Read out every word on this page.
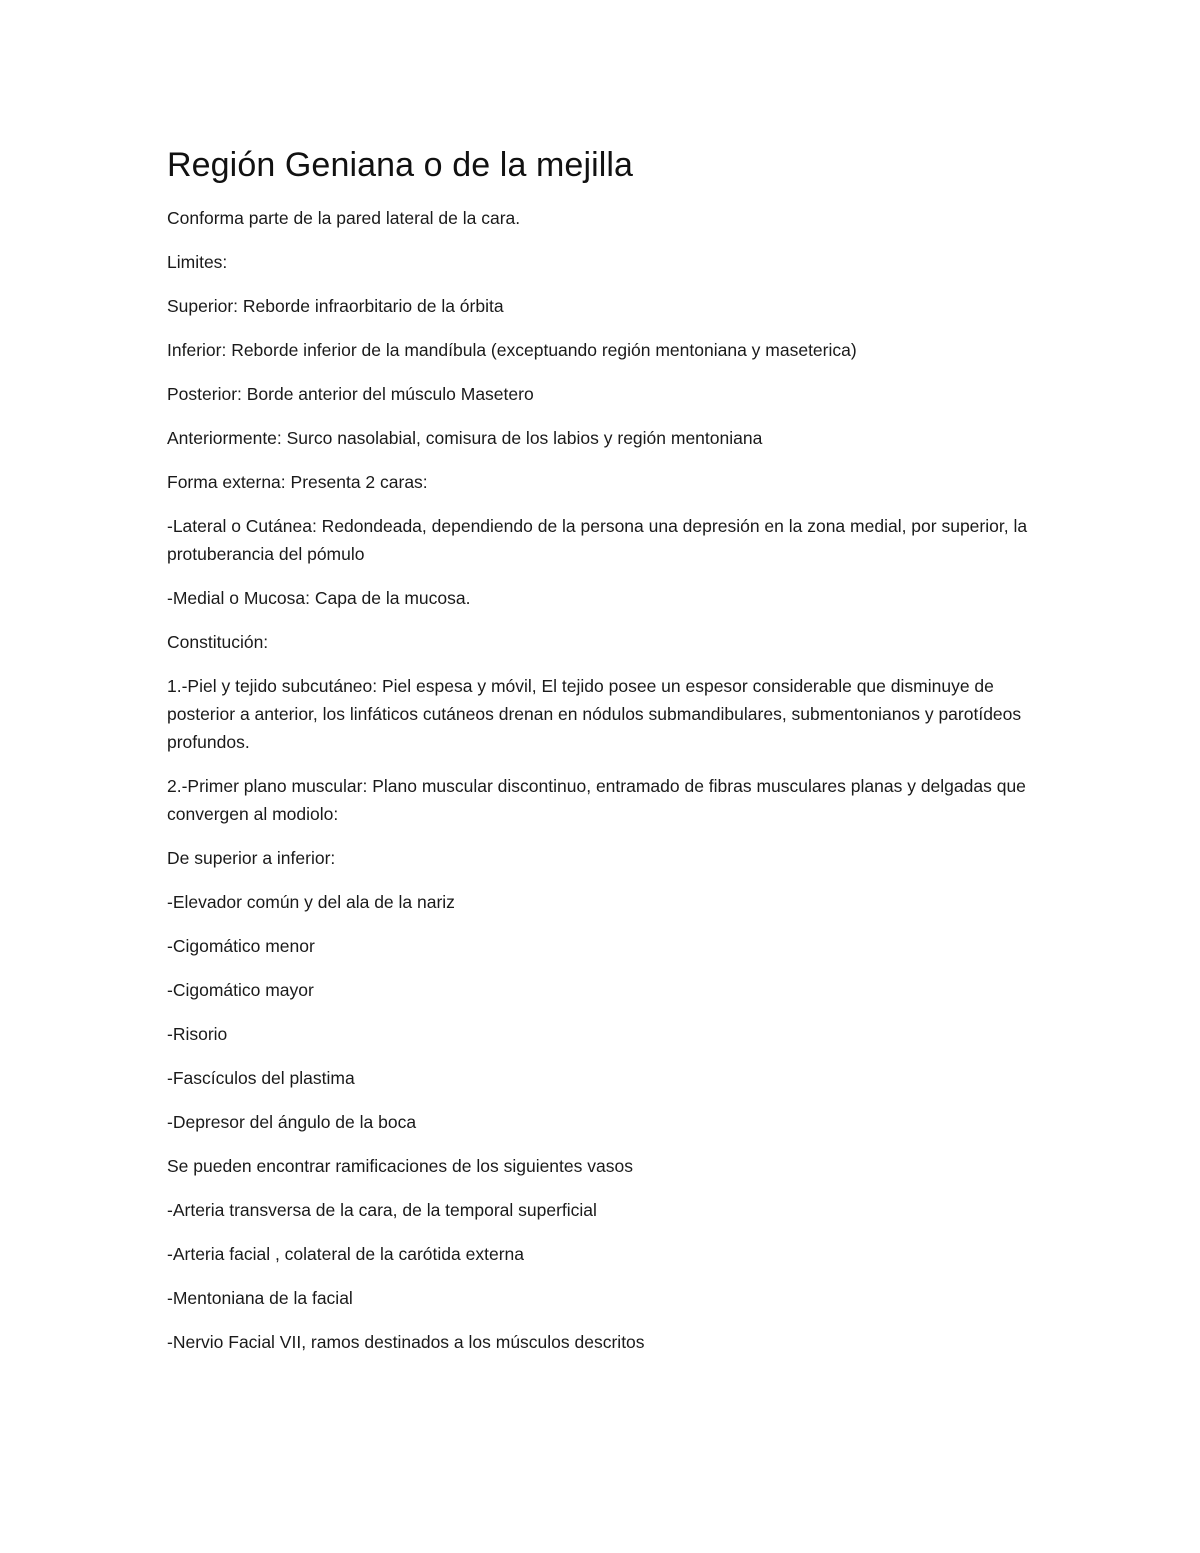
Región Geniana o de la mejilla

Conforma parte de la pared lateral de la cara.

Limites:

Superior: Reborde infraorbitario de la órbita

Inferior: Reborde inferior de la mandíbula (exceptuando región mentoniana y maseterica)

Posterior: Borde anterior del músculo Masetero

Anteriormente: Surco nasolabial, comisura de los labios y región mentoniana

Forma externa: Presenta 2 caras:

-Lateral o Cutánea: Redondeada, dependiendo de la persona una depresión en la zona medial, por superior, la protuberancia del pómulo

-Medial o Mucosa: Capa de la mucosa.

Constitución:

1.-Piel y tejido subcutáneo: Piel espesa y móvil, El tejido posee un espesor considerable que disminuye de posterior a anterior, los linfáticos cutáneos drenan en nódulos submandibulares, submentonianos y parotídeos profundos.

2.-Primer plano muscular: Plano muscular discontinuo, entramado de fibras musculares planas y delgadas que convergen al modiolo:

De superior a inferior:

-Elevador común y del ala de la nariz

-Cigomático menor

-Cigomático mayor

-Risorio

-Fascículos del plastima

-Depresor del ángulo de la boca

Se pueden encontrar ramificaciones de los siguientes vasos

-Arteria transversa de la cara, de la temporal superficial

-Arteria facial , colateral de la carótida externa

-Mentoniana de la facial

-Nervio Facial VII, ramos destinados a los músculos descritos
